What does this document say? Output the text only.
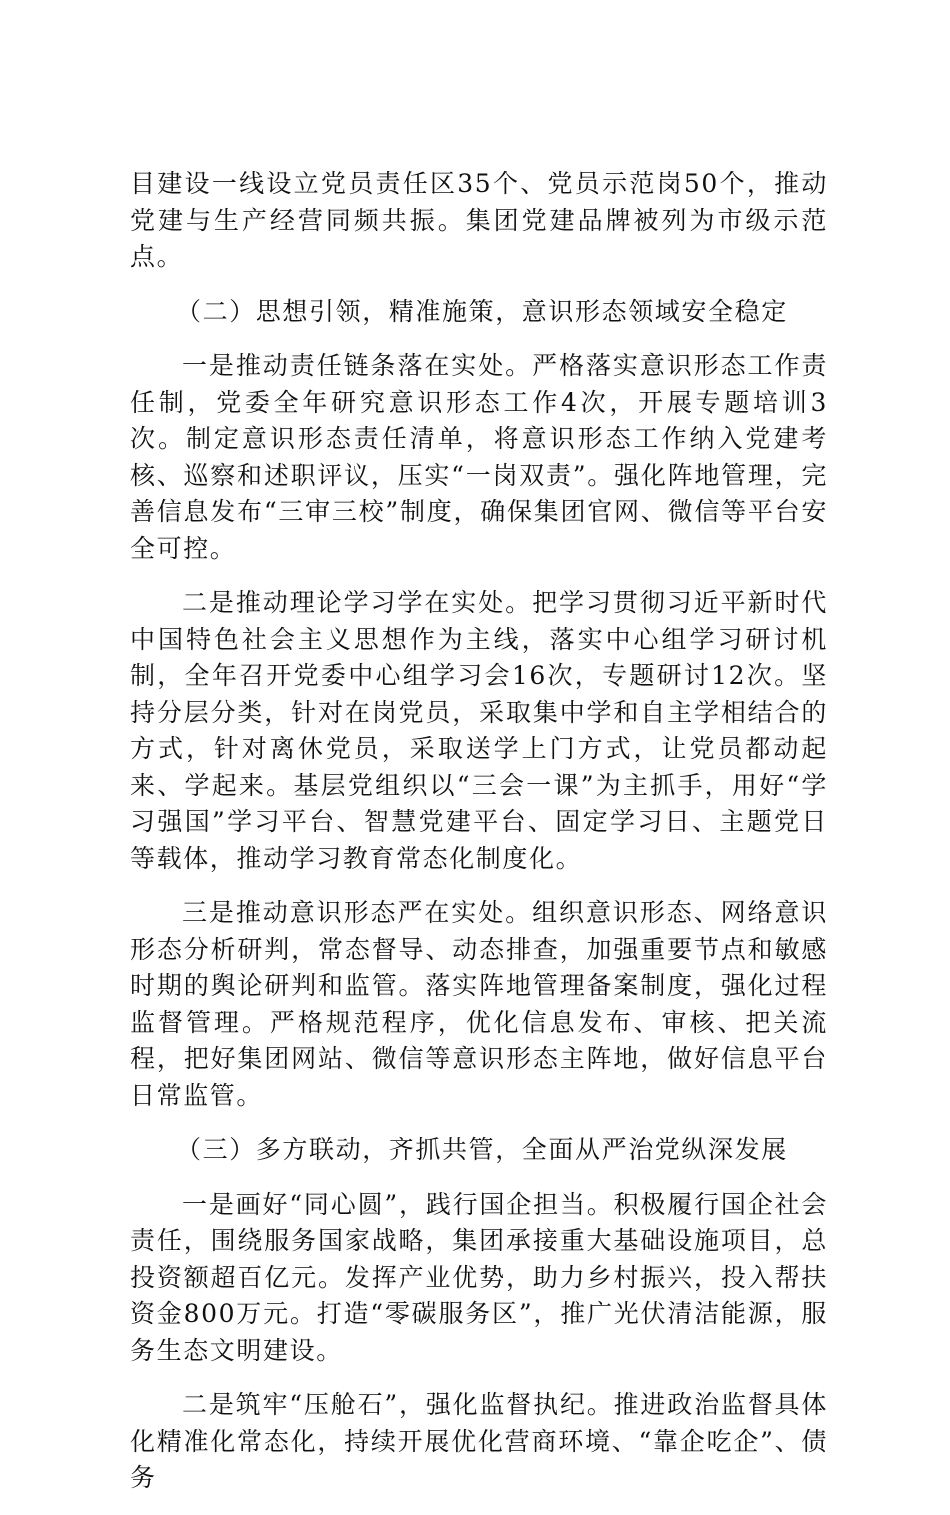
目建设一线设立党员责任区35个、党员示范岗50个，推动党建与生产经营同频共振。集团党建品牌被列为市级示范点。

（二）思想引领，精准施策，意识形态领域安全稳定

一是推动责任链条落在实处。严格落实意识形态工作责任制，党委全年研究意识形态工作4次，开展专题培训3次。制定意识形态责任清单，将意识形态工作纳入党建考核、巡察和述职评议，压实“一岗双责”。强化阵地管理，完善信息发布“三审三校”制度，确保集团官网、微信等平台安全可控。

二是推动理论学习学在实处。把学习贯彻习近平新时代中国特色社会主义思想作为主线，落实中心组学习研讨机制，全年召开党委中心组学习会16次，专题研讨12次。坚持分层分类，针对在岗党员，采取集中学和自主学相结合的方式，针对离休党员，采取送学上门方式，让党员都动起来、学起来。基层党组织以“三会一课”为主抓手，用好“学习强国”学习平台、智慧党建平台、固定学习日、主题党日等载体，推动学习教育常态化制度化。

三是推动意识形态严在实处。组织意识形态、网络意识形态分析研判，常态督导、动态排查，加强重要节点和敏感时期的舆论研判和监管。落实阵地管理备案制度，强化过程监督管理。严格规范程序，优化信息发布、审核、把关流程，把好集团网站、微信等意识形态主阵地，做好信息平台日常监管。

（三）多方联动，齐抓共管，全面从严治党纵深发展

一是画好“同心圆”，践行国企担当。积极履行国企社会责任，围绕服务国家战略，集团承接重大基础设施项目，总投资额超百亿元。发挥产业优势，助力乡村振兴，投入帮扶资金800万元。打造“零碳服务区”，推广光伏清洁能源，服务生态文明建设。

二是筑牢“压舱石”，强化监督执纪。推进政治监督具体化精准化常态化，持续开展优化营商环境、“靠企吃企”、债务
